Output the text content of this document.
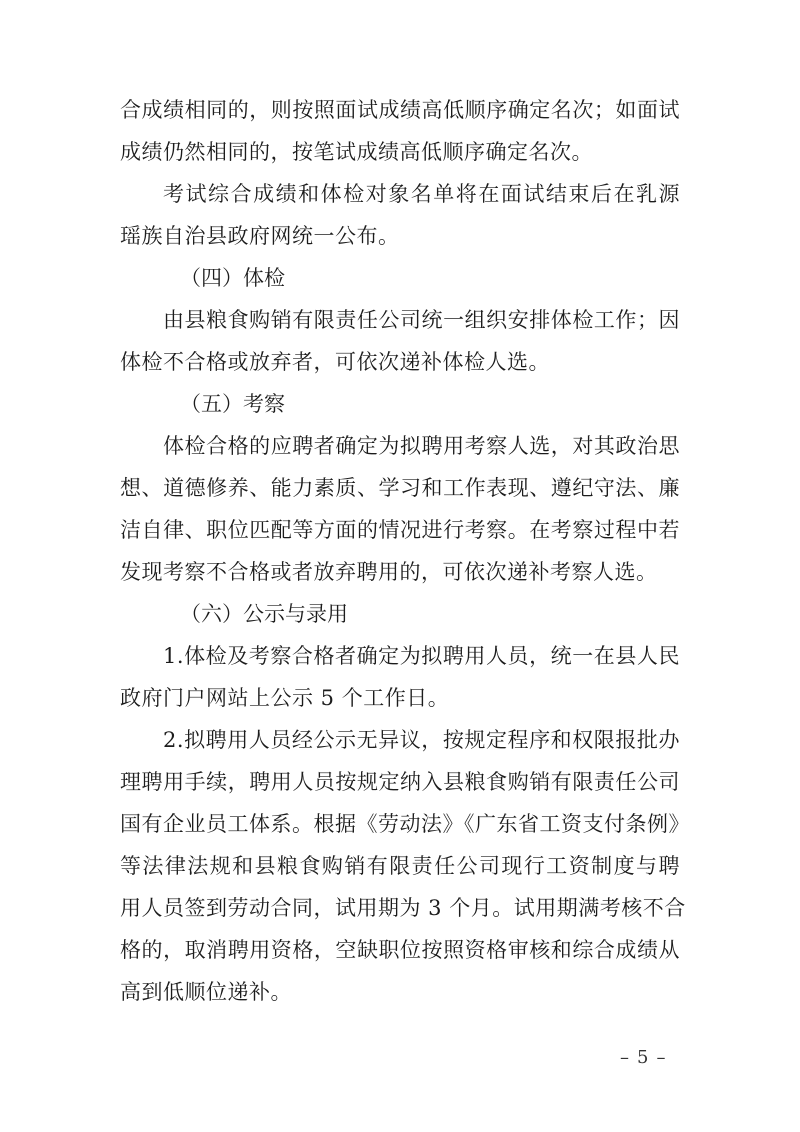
合成绩相同的，则按照面试成绩高低顺序确定名次；如面试
成绩仍然相同的，按笔试成绩高低顺序确定名次。
考试综合成绩和体检对象名单将在面试结束后在乳源
瑶族自治县政府网统一公布。
（四）体检
由县粮食购销有限责任公司统一组织安排体检工作；因
体检不合格或放弃者，可依次递补体检人选。
（五）考察
体检合格的应聘者确定为拟聘用考察人选，对其政治思
想、道德修养、能力素质、学习和工作表现、遵纪守法、廉
洁自律、职位匹配等方面的情况进行考察。在考察过程中若
发现考察不合格或者放弃聘用的，可依次递补考察人选。
（六）公示与录用
1.体检及考察合格者确定为拟聘用人员，统一在县人民
政府门户网站上公示 5 个工作日。
2.拟聘用人员经公示无异议，按规定程序和权限报批办
理聘用手续，聘用人员按规定纳入县粮食购销有限责任公司
国有企业员工体系。根据《劳动法》《广东省工资支付条例》
等法律法规和县粮食购销有限责任公司现行工资制度与聘
用人员签到劳动合同，试用期为 3 个月。试用期满考核不合
格的，取消聘用资格，空缺职位按照资格审核和综合成绩从
高到低顺位递补。
– 5 –
